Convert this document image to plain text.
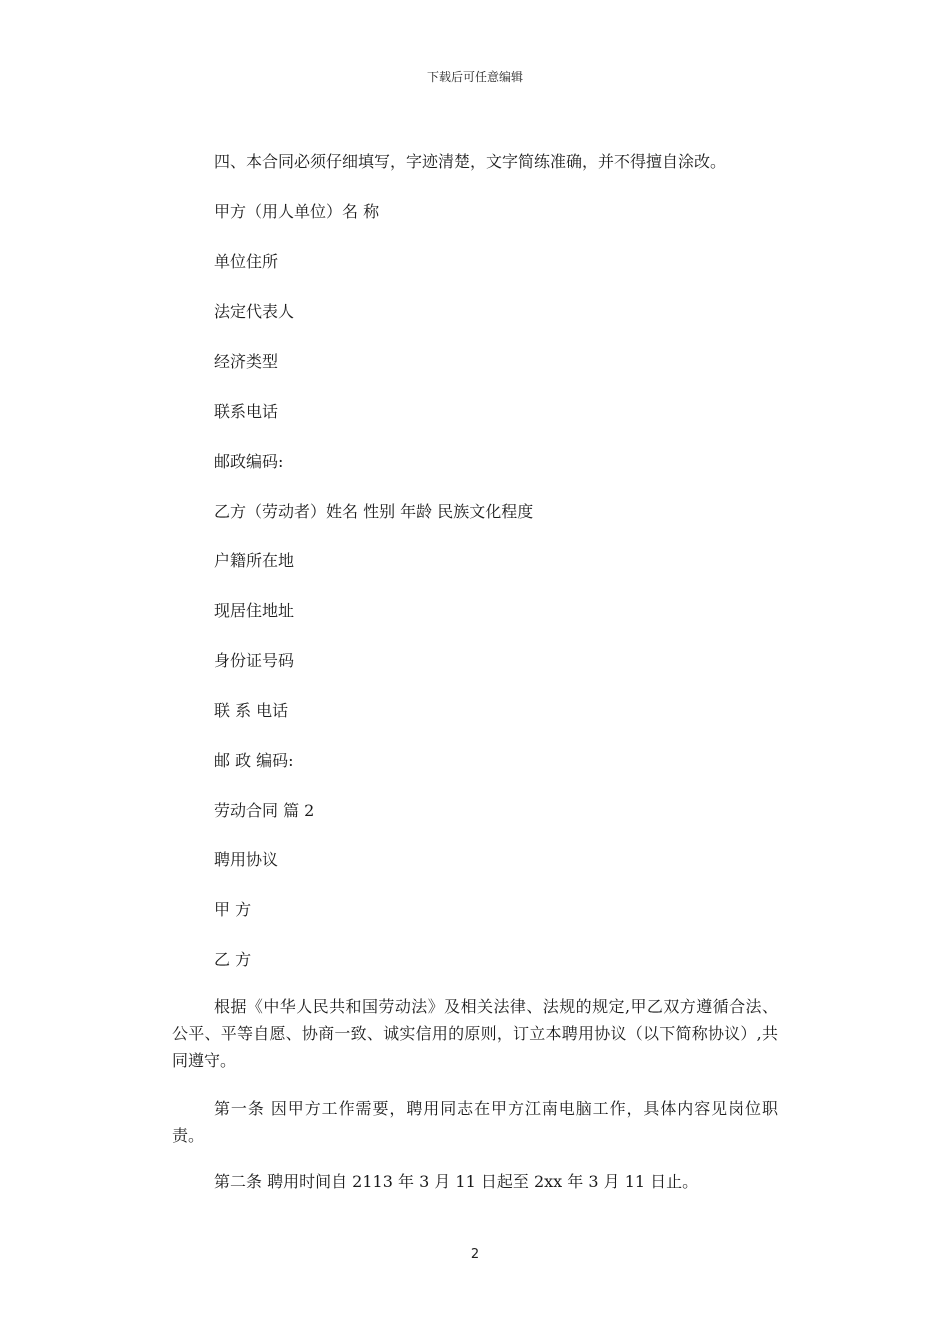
下载后可任意编辑
四、本合同必须仔细填写，字迹清楚，文字简练准确，并不得擅自涂改。
甲方（用人单位）名 称
单位住所
法定代表人
经济类型
联系电话
邮政编码:
乙方（劳动者）姓名 性别 年龄 民族文化程度
户籍所在地
现居住地址
身份证号码
联 系 电话
邮 政 编码:
劳动合同 篇 2
聘用协议
甲 方
乙 方
根据《中华人民共和国劳动法》及相关法律、法规的规定,甲乙双方遵循合法、公平、平等自愿、协商一致、诚实信用的原则，订立本聘用协议（以下简称协议）,共同遵守。
第一条 因甲方工作需要，聘用同志在甲方江南电脑工作，具体内容见岗位职责。
第二条 聘用时间自 2113 年 3 月 11 日起至 2xx 年 3 月 11 日止。
2
